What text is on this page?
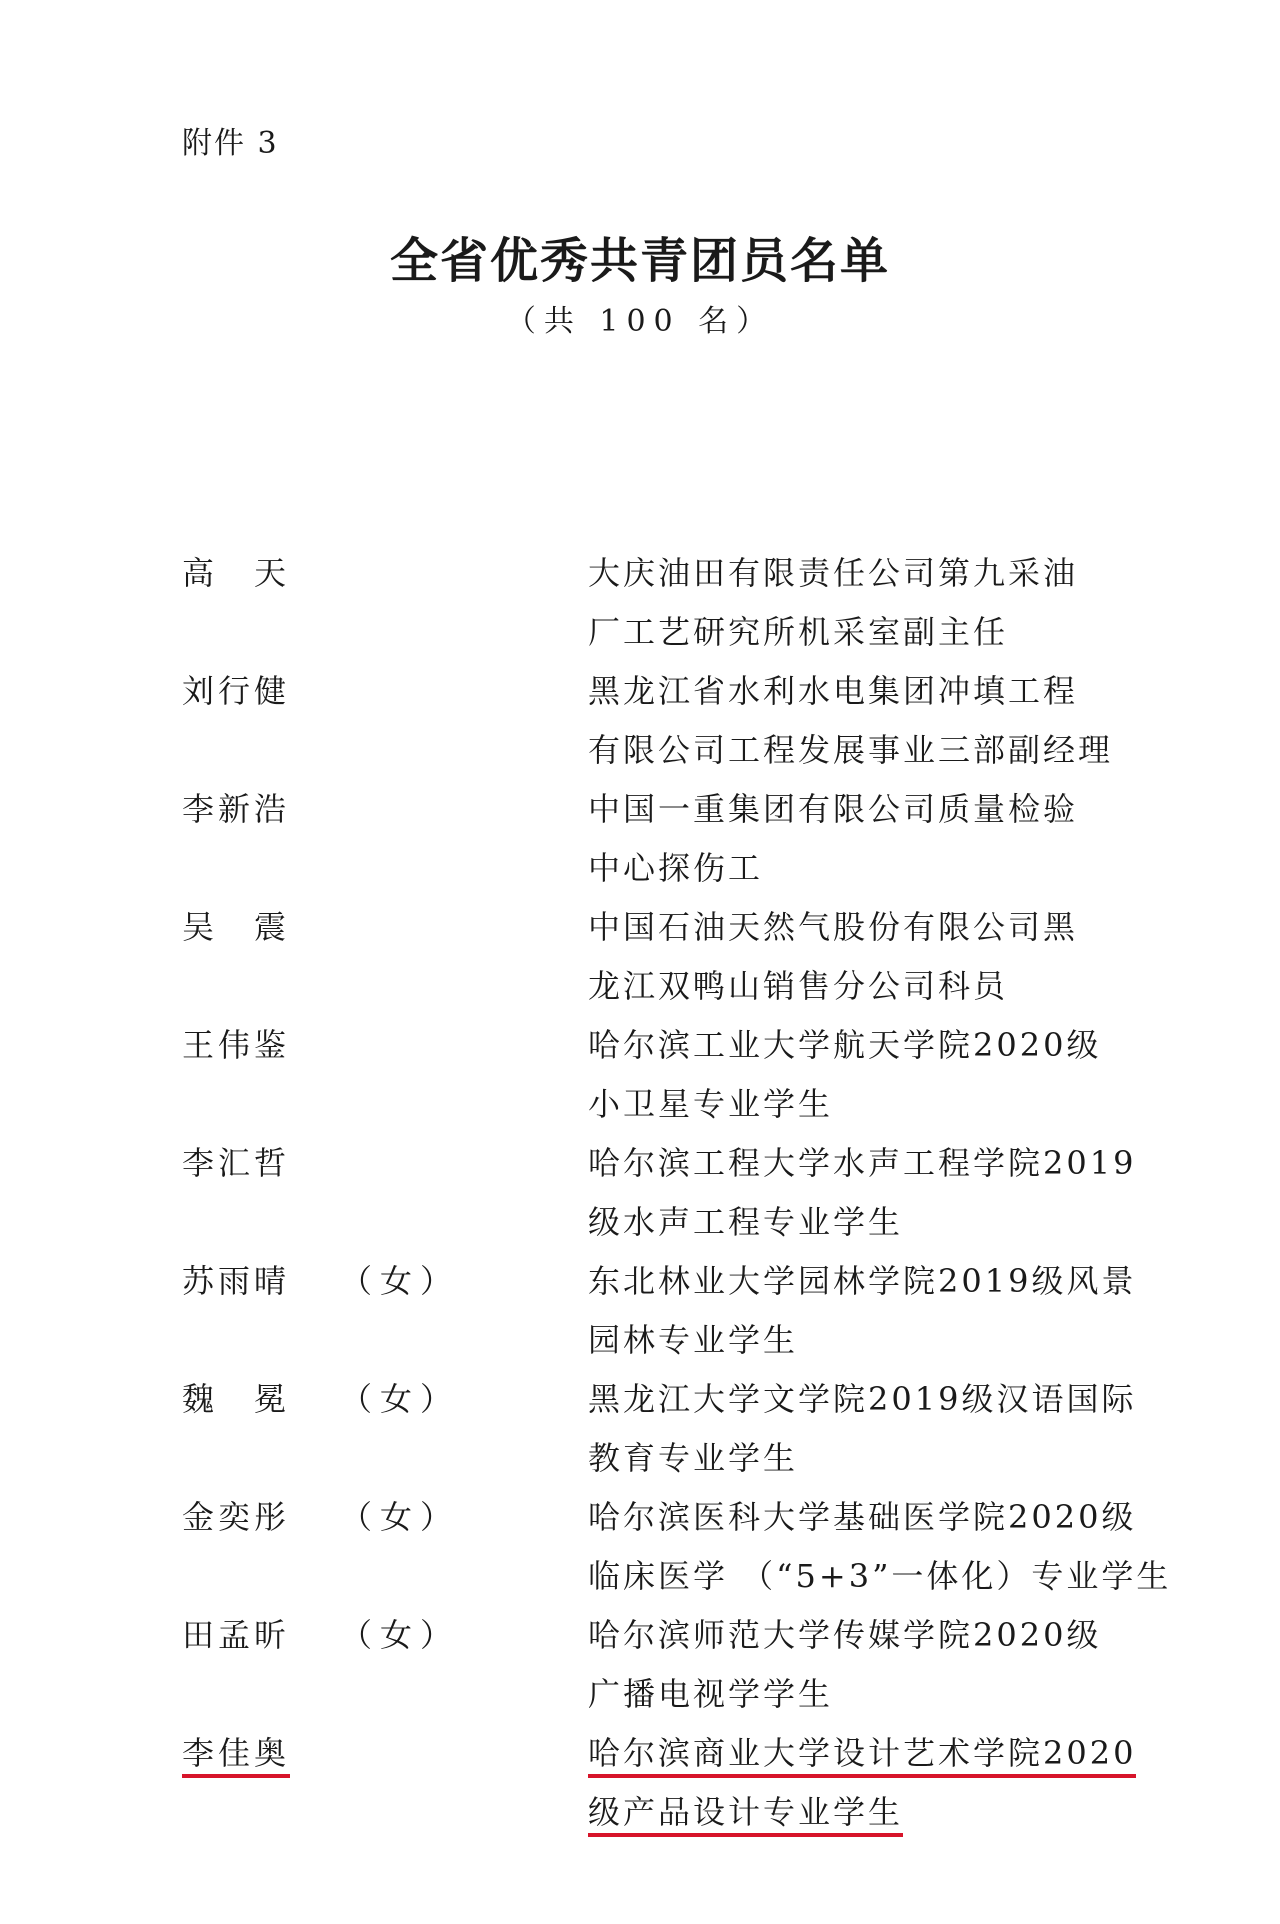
附件 3
全省优秀共青团员名单
（共 100 名）
高　天	大庆油田有限责任公司第九采油
厂工艺研究所机采室副主任
刘行健	黑龙江省水利水电集团冲填工程
有限公司工程发展事业三部副经理
李新浩	中国一重集团有限公司质量检验
中心探伤工
吴　震	中国石油天然气股份有限公司黑
龙江双鸭山销售分公司科员
王伟鉴	哈尔滨工业大学航天学院2020级
小卫星专业学生
李汇哲	哈尔滨工程大学水声工程学院2019
级水声工程专业学生
苏雨晴 （女）	东北林业大学园林学院2019级风景
园林专业学生
魏　冕 （女）	黑龙江大学文学院2019级汉语国际
教育专业学生
金奕彤 （女）	哈尔滨医科大学基础医学院2020级
临床医学 （“5+3”一体化）专业学生
田孟昕 （女）	哈尔滨师范大学传媒学院2020级
广播电视学学生
李佳奥	哈尔滨商业大学设计艺术学院2020
级产品设计专业学生
